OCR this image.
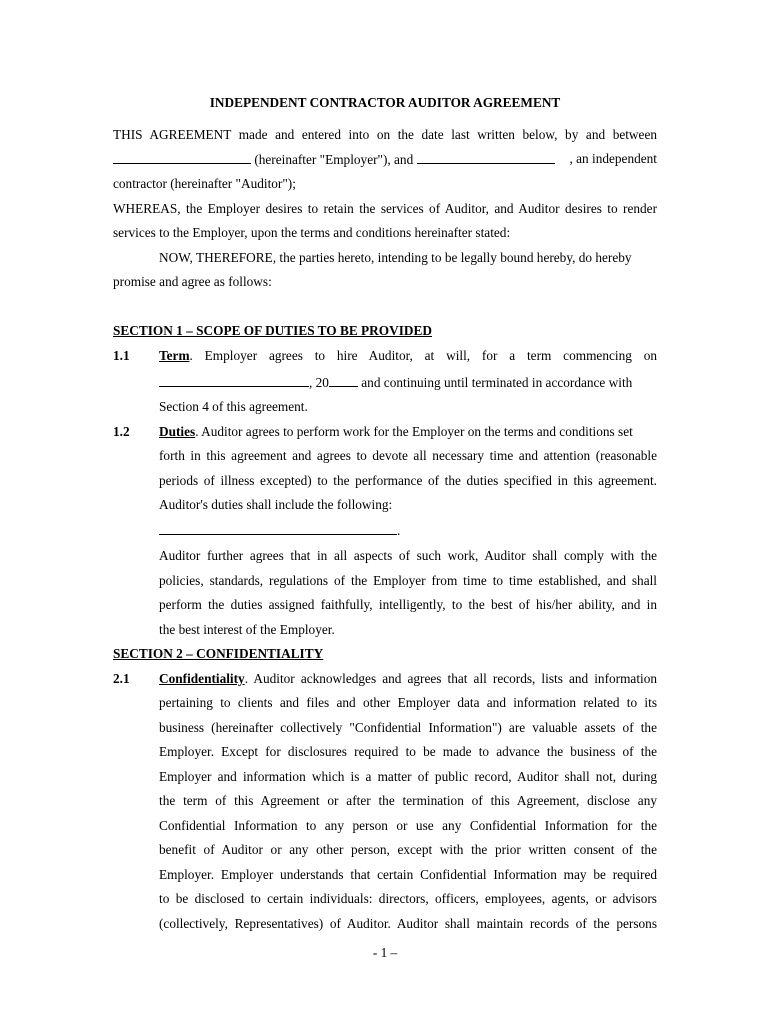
INDEPENDENT CONTRACTOR AUDITOR AGREEMENT
THIS AGREEMENT made and entered into on the date last written below, by and between
(hereinafter "Employer"), and	, an independent
contractor (hereinafter "Auditor");
WHEREAS, the Employer desires to retain the services of Auditor, and Auditor desires to render
services to the Employer, upon the terms and conditions hereinafter stated:
NOW, THEREFORE, the parties hereto, intending to be legally bound hereby, do hereby
promise and agree as follows:
SECTION 1 – SCOPE OF DUTIES TO BE PROVIDED
1.1 Term. Employer agrees to hire Auditor, at will, for a term commencing on
, 20 and continuing until terminated in accordance with
Section 4 of this agreement.
1.2 Duties. Auditor agrees to perform work for the Employer on the terms and conditions set
forth in this agreement and agrees to devote all necessary time and attention (reasonable
periods of illness excepted) to the performance of the duties specified in this agreement.
Auditor's duties shall include the following:
.
Auditor further agrees that in all aspects of such work, Auditor shall comply with the
policies, standards, regulations of the Employer from time to time established, and shall
perform the duties assigned faithfully, intelligently, to the best of his/her ability, and in
the best interest of the Employer.
SECTION 2 – CONFIDENTIALITY
2.1 Confidentiality. Auditor acknowledges and agrees that all records, lists and information
pertaining to clients and files and other Employer data and information related to its
business (hereinafter collectively "Confidential Information") are valuable assets of the
Employer. Except for disclosures required to be made to advance the business of the
Employer and information which is a matter of public record, Auditor shall not, during
the term of this Agreement or after the termination of this Agreement, disclose any
Confidential Information to any person or use any Confidential Information for the
benefit of Auditor or any other person, except with the prior written consent of the
Employer. Employer understands that certain Confidential Information may be required
to be disclosed to certain individuals: directors, officers, employees, agents, or advisors
(collectively, Representatives) of Auditor. Auditor shall maintain records of the persons
- 1 –
